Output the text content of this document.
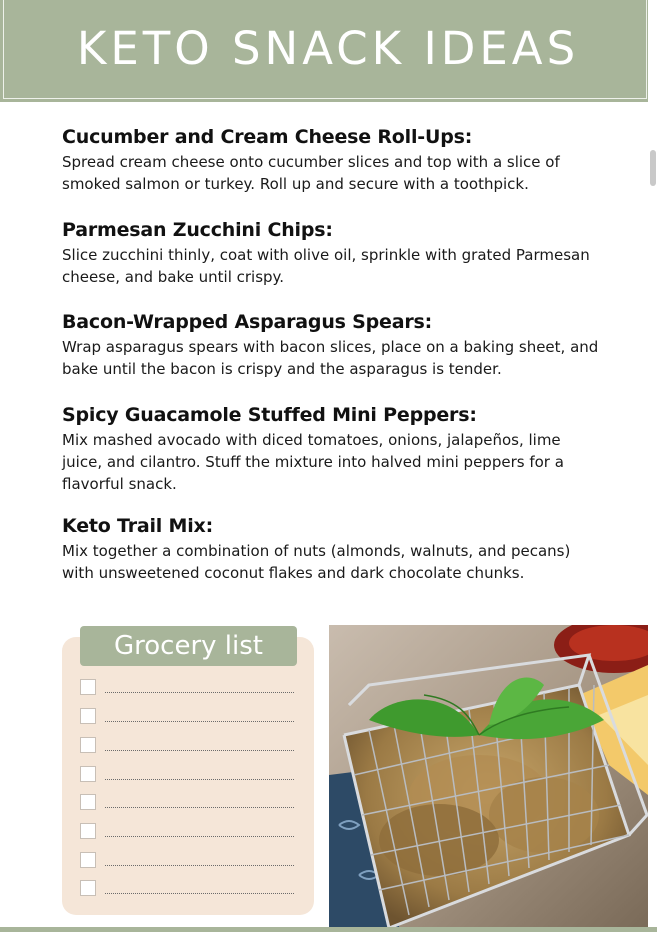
KETO SNACK IDEAS
Cucumber and Cream Cheese Roll-Ups:

Spread cream cheese onto cucumber slices and top with a slice of smoked salmon or turkey. Roll up and secure with a toothpick.

Parmesan Zucchini Chips:

Slice zucchini thinly, coat with olive oil, sprinkle with grated Parmesan cheese, and bake until crispy.

Bacon-Wrapped Asparagus Spears:

Wrap asparagus spears with bacon slices, place on a baking sheet, and bake until the bacon is crispy and the asparagus is tender.

Spicy Guacamole Stuffed Mini Peppers:

Mix mashed avocado with diced tomatoes, onions, jalapeños, lime juice, and cilantro. Stuff the mixture into halved mini peppers for a flavorful snack.

Keto Trail Mix:

Mix together a combination of nuts (almonds, walnuts, and pecans) with unsweetened coconut flakes and dark chocolate chunks.

Grocery list
